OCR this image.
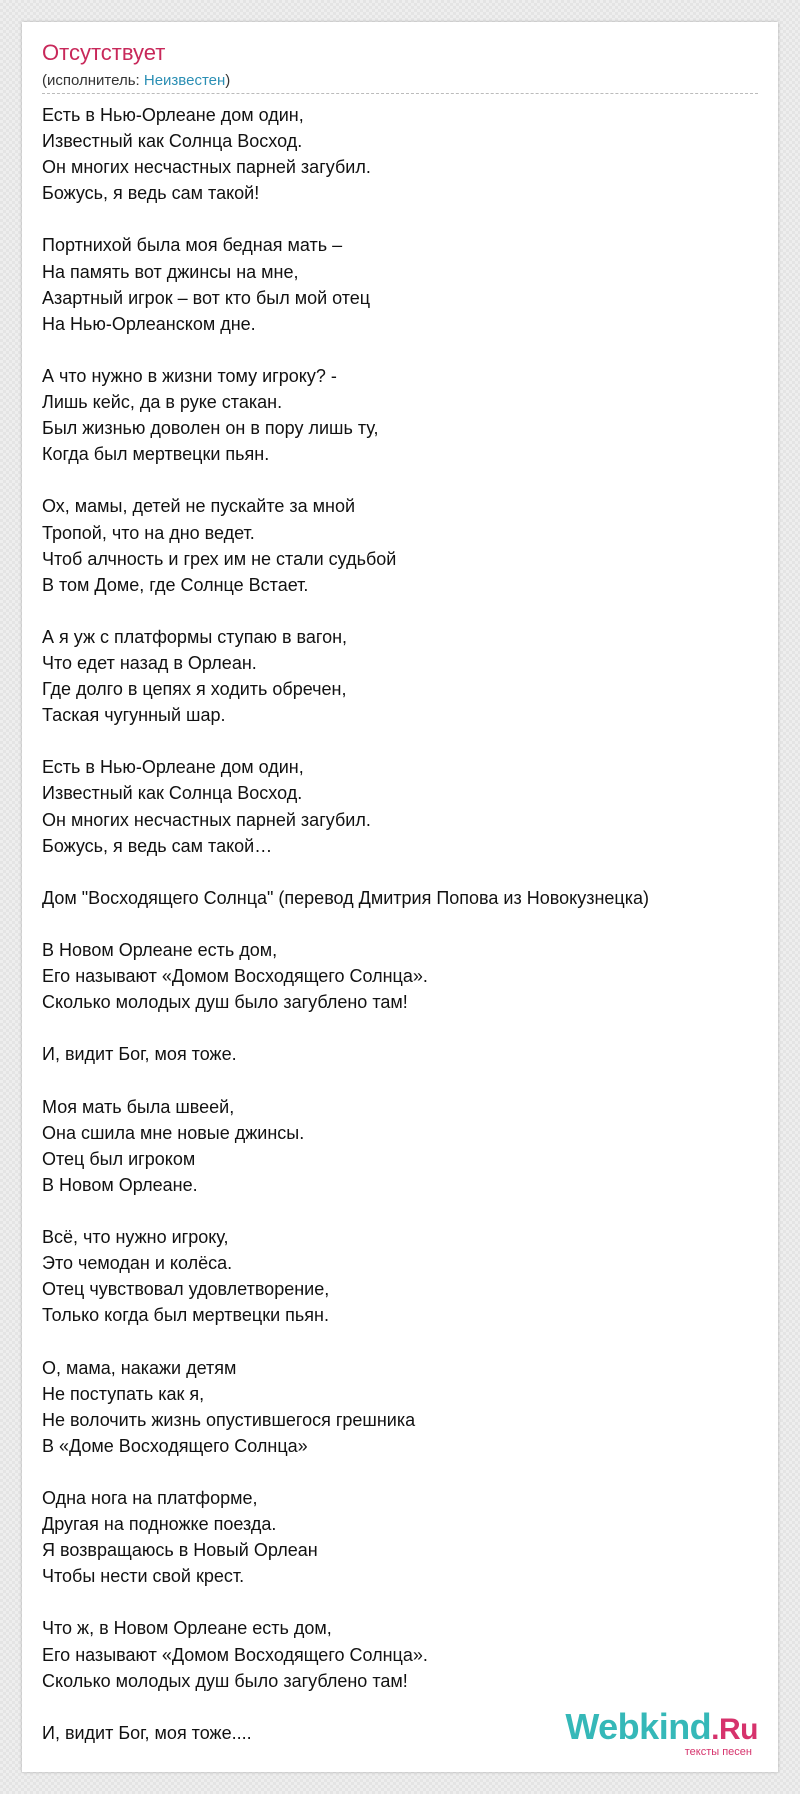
Отсутствует
(исполнитель: Неизвестен)
Есть в Нью-Орлеане дом один,
Известный как Солнца Восход.
Он многих несчастных парней загубил.
Божусь, я ведь сам такой!
Портнихой была моя бедная мать –
На память вот джинсы на мне,
Азартный игрок – вот кто был мой отец
На Нью-Орлеанском дне.
А что нужно в жизни тому игроку? -
Лишь кейс, да в руке стакан.
Был жизнью доволен он в пору лишь ту,
Когда был мертвецки пьян.
Ох, мамы, детей не пускайте за мной
Тропой, что на дно ведет.
Чтоб алчность и грех им не стали судьбой
В том Доме, где Солнце Встает.
А я уж с платформы ступаю в вагон,
Что едет назад в Орлеан.
Где долго в цепях я ходить обречен,
Таская чугунный шар.
Есть в Нью-Орлеане дом один,
Известный как Солнца Восход.
Он многих несчастных парней загубил.
Божусь, я ведь сам такой…
Дом "Восходящего Солнца" (перевод Дмитрия Попова из Новокузнецка)
В Новом Орлеане есть дом,
Его называют «Домом Восходящего Солнца».
Сколько молодых душ было загублено там!
И, видит Бог, моя тоже.
Моя мать была швеей,
Она сшила мне новые джинсы.
Отец был игроком
В Новом Орлеане.
Всё, что нужно игроку,
Это чемодан и колёса.
Отец чувствовал удовлетворение,
Только когда был мертвецки пьян.
О, мама, накажи детям
Не поступать как я,
Не волочить жизнь опустившегося грешника
В «Доме Восходящего Солнца»
Одна нога на платформе,
Другая на подножке поезда.
Я возвращаюсь в Новый Орлеан
Чтобы нести свой крест.
Что ж, в Новом Орлеане есть дом,
Его называют «Домом Восходящего Солнца».
Сколько молодых душ было загублено там!
И, видит Бог, моя тоже....	Webkind.Ru
тексты песен
